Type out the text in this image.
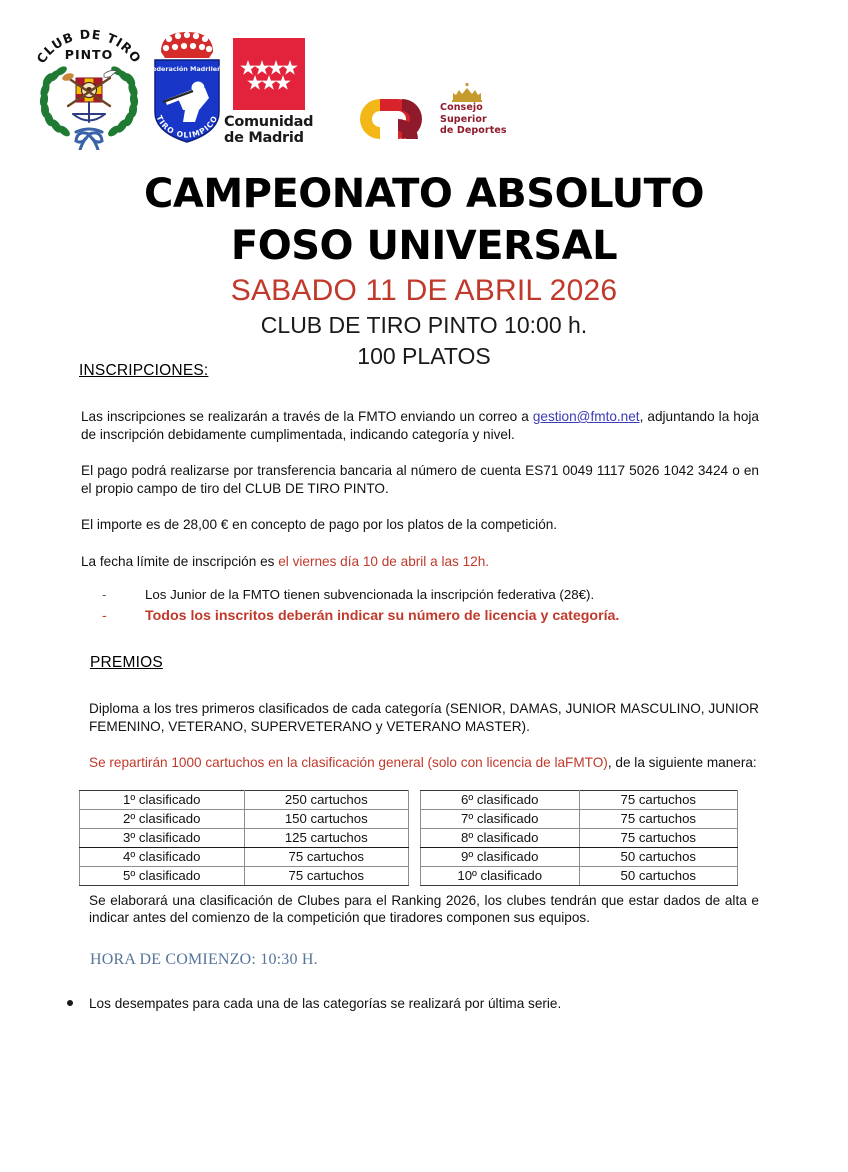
CLUB DE TIRO
PINTO
Federación Madrileña
TIRO OLIMPICO Comunidad
de Madrid
Consejo
Superior
de Deportes
CAMPEONATO ABSOLUTO
FOSO UNIVERSAL
SABADO 11 DE ABRIL 2026
CLUB DE TIRO PINTO 10:00 h.
100 PLATOS
INSCRIPCIONES:

Las inscripciones se realizarán a través de la FMTO enviando un correo a gestion@fmto.net, adjuntando la hoja de inscripción debidamente cumplimentada, indicando categoría y nivel.

El pago podrá realizarse por transferencia bancaria al número de cuenta ES71 0049 1117 5026 1042 3424 o en el propio campo de tiro del CLUB DE TIRO PINTO.

El importe es de 28,00 € en concepto de pago por los platos de la competición.

La fecha límite de inscripción es el viernes día 10 de abril a las 12h.

-	Los Junior de la FMTO tienen subvencionada la inscripción federativa (28€).
-	Todos los inscritos deberán indicar su número de licencia y categoría.
PREMIOS

Diploma a los tres primeros clasificados de cada categoría (SENIOR, DAMAS, JUNIOR MASCULINO, JUNIOR FEMENINO, VETERANO, SUPERVETERANO y VETERANO MASTER).

Se repartirán 1000 cartuchos en la clasificación general (solo con licencia de laFMTO), de la siguiente manera:

1º clasificado	250 cartuchos
2º clasificado	150 cartuchos
3º clasificado	125 cartuchos
4º clasificado	75 cartuchos
5º clasificado	75 cartuchos
6º clasificado	75 cartuchos
7º clasificado	75 cartuchos
8º clasificado	75 cartuchos
9º clasificado	50 cartuchos
10º clasificado	50 cartuchos

Se elaborará una clasificación de Clubes para el Ranking 2026, los clubes tendrán que estar dados de alta e indicar antes del comienzo de la competición que tiradores componen sus equipos.

HORA DE COMIENZO: 10:30 H.
Los desempates para cada una de las categorías se realizará por última serie.
